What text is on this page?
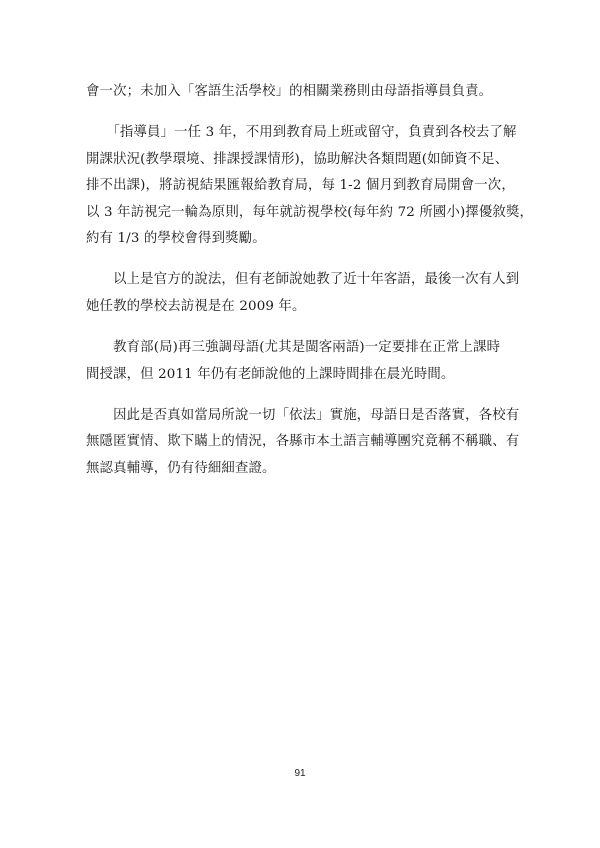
會一次；未加入「客語生活學校」的相關業務則由母語指導員負責。
　　「指導員」一任 3 年，不用到教育局上班或留守，負責到各校去了解
開課狀況(教學環境、排課授課情形)，協助解決各類問題(如師資不足、
排不出課)，將訪視結果匯報給教育局，每 1-2 個月到教育局開會一次，
以 3 年訪視完一輪為原則，每年就訪視學校(每年約 72 所國小)擇優敘獎，
約有 1/3 的學校會得到獎勵。
　　以上是官方的說法，但有老師說她教了近十年客語，最後一次有人到
她任教的學校去訪視是在 2009 年。
　　教育部(局)再三強調母語(尤其是閩客兩語)一定要排在正常上課時
間授課，但 2011 年仍有老師說他的上課時間排在晨光時間。
　　因此是否真如當局所說一切「依法」實施，母語日是否落實，各校有
無隱匿實情、欺下瞞上的情況，各縣市本土語言輔導團究竟稱不稱職、有
無認真輔導，仍有待細細查證。
91
